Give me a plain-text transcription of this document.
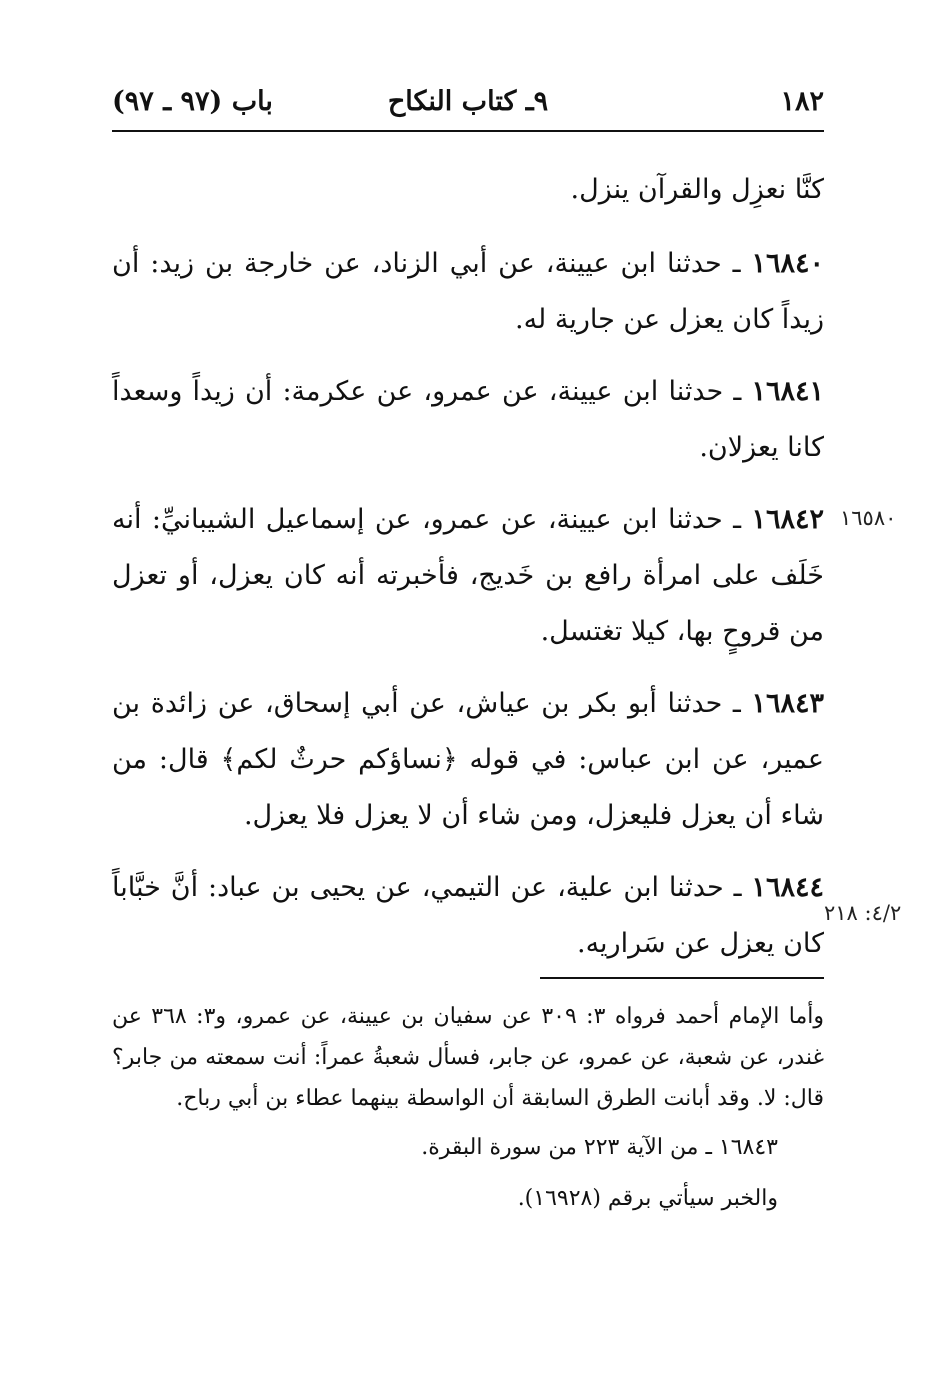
١٨٢
٩ـ كتاب النكاح
باب (٩٧ ـ ٩٧)

كنَّا نعزِل والقرآن ينزل.

١٦٨٤٠ ـ حدثنا ابن عيينة، عن أبي الزناد، عن خارجة بن زيد: أن زيداً كان يعزل عن جارية له.

١٦٨٤١ ـ حدثنا ابن عيينة، عن عمرو، عن عكرمة: أن زيداً وسعداً كانا يعزلان.

١٦٨٤٢ ـ حدثنا ابن عيينة، عن عمرو، عن إسماعيل الشيبانيِّ: أنه خَلَف على امرأة رافع بن خَديج، فأخبرته أنه كان يعزل، أو تعزل من قروحٍ بها، كيلا تغتسل.

١٦٨٤٣ ـ حدثنا أبو بكر بن عياش، عن أبي إسحاق، عن زائدة بن عمير، عن ابن عباس: في قوله ﴿نساؤكم حرثٌ لكم﴾ قال: من شاء أن يعزل فليعزل، ومن شاء أن لا يعزل فلا يعزل.

١٦٨٤٤ ـ حدثنا ابن علية، عن التيمي، عن يحيى بن عباد: أنَّ خبَّاباً كان يعزل عن سَراريه.

١٦٥٨٠
٤/٢: ٢١٨

وأما الإمام أحمد فرواه ٣: ٣٠٩ عن سفيان بن عيينة، عن عمرو، و٣: ٣٦٨ عن غندر، عن شعبة، عن عمرو، عن جابر، فسأل شعبةُ عمراً: أنت سمعته من جابر؟ قال: لا. وقد أبانت الطرق السابقة أن الواسطة بينهما عطاء بن أبي رباح.

١٦٨٤٣ ـ من الآية ٢٢٣ من سورة البقرة.

والخبر سيأتي برقم (١٦٩٢٨).
